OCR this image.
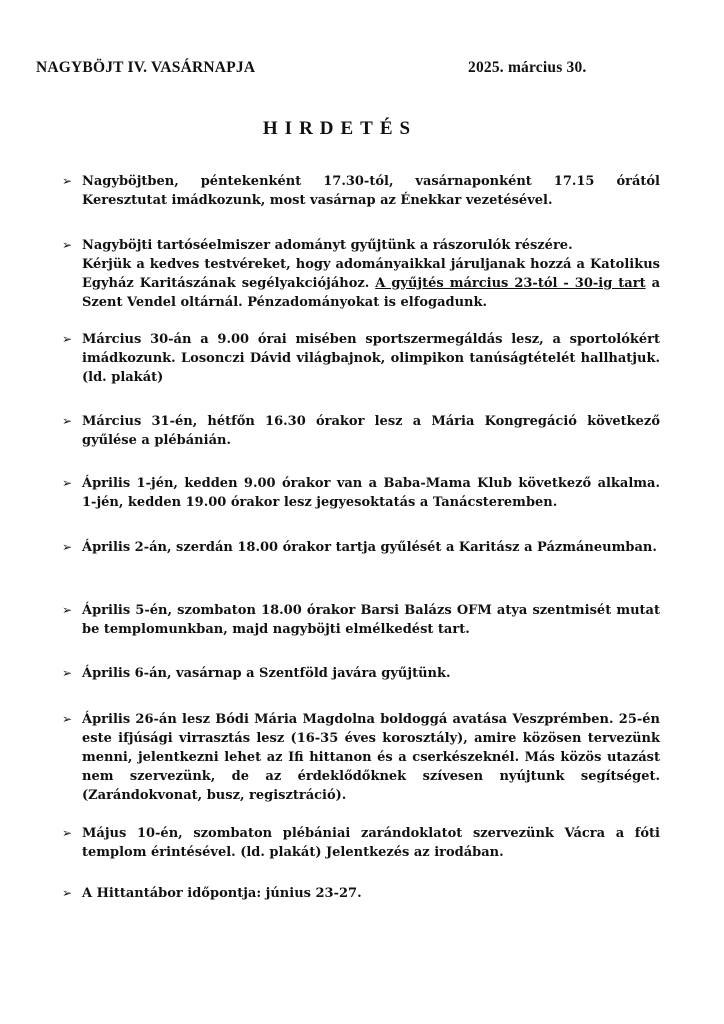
NAGYBÖJT IV. VASÁRNAPJA	2025. március 30.
HIRDETÉS
➢ Nagyböjtben, péntekenként 17.30-tól, vasárnaponként 17.15 órától Keresztutat imádkozunk, most vasárnap az Énekkar vezetésével.

➢ Nagyböjti tartóséelmiszer adományt gyűjtünk a rászorulók részére.

Kérjük a kedves testvéreket, hogy adományaikkal járuljanak hozzá a Katolikus Egyház Karitászának segélyakciójához. A gyűjtés március 23-tól - 30-ig tart a Szent Vendel oltárnál. Pénzadományokat is elfogadunk.

➢ Március 30-án a 9.00 órai misében sportszermegáldás lesz, a sportolókért imádkozunk. Losonczi Dávid világbajnok, olimpikon tanúságtételét hallhatjuk. (ld. plakát)

➢ Március 31-én, hétfőn 16.30 órakor lesz a Mária Kongregáció következő gyűlése a plébánián.

➢ Április 1-jén, kedden 9.00 órakor van a Baba-Mama Klub következő alkalma. 1-jén, kedden 19.00 órakor lesz jegyesoktatás a Tanácsteremben.

➢ Április 2-án, szerdán 18.00 órakor tartja gyűlését a Karitász a Pázmáneumban.

➢ Április 5-én, szombaton 18.00 órakor Barsi Balázs OFM atya szentmisét mutat be templomunkban, majd nagyböjti elmélkedést tart.

➢ Április 6-án, vasárnap a Szentföld javára gyűjtünk.

➢ Április 26-án lesz Bódi Mária Magdolna boldoggá avatása Veszprémben. 25-én este ifjúsági virrasztás lesz (16-35 éves korosztály), amire közösen tervezünk menni, jelentkezni lehet az Ifi hittanon és a cserkészeknél. Más közös utazást nem szervezünk, de az érdeklődőknek szívesen nyújtunk segítséget. (Zarándokvonat, busz, regisztráció).

➢ Május 10-én, szombaton plébániai zarándoklatot szervezünk Vácra a fóti templom érintésével. (ld. plakát) Jelentkezés az irodában.

➢ A Hittantábor időpontja: június 23-27.
